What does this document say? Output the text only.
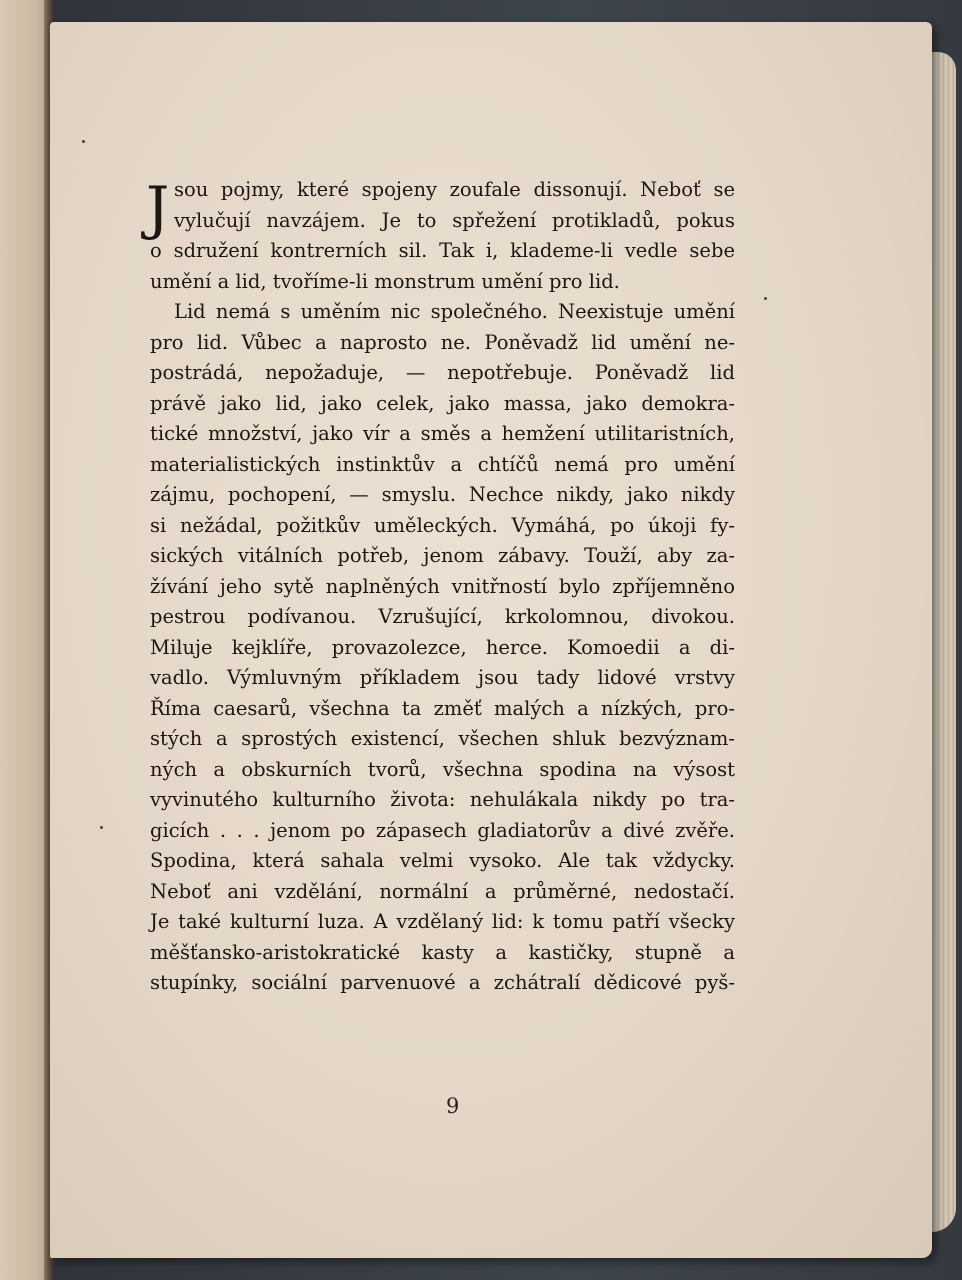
J sou pojmy, které spojeny zoufale dissonují. Neboť se
vylučují navzájem. Je to spřežení protikladů, pokus
o sdružení kontrerních sil. Tak i, klademe-li vedle sebe
umění a lid, tvoříme-li monstrum umění pro lid.
Lid nemá s uměním nic společného. Neexistuje umění
pro lid. Vůbec a naprosto ne. Poněvadž lid umění ne-
postrádá, nepožaduje, — nepotřebuje. Poněvadž lid
právě jako lid, jako celek, jako massa, jako demokra-
tické množství, jako vír a směs a hemžení utilitaristních,
materialistických instinktův a chtíčů nemá pro umění
zájmu, pochopení, — smyslu. Nechce nikdy, jako nikdy
si nežádal, požitkův uměleckých. Vymáhá, po úkoji fy-
sických vitálních potřeb, jenom zábavy. Touží, aby za-
žívání jeho sytě naplněných vnitřností bylo zpříjemněno
pestrou podívanou. Vzrušující, krkolomnou, divokou.
Miluje kejklíře, provazolezce, herce. Komoedii a di-
vadlo. Výmluvným příkladem jsou tady lidové vrstvy
Říma caesarů, všechna ta změť malých a nízkých, pro-
stých a sprostých existencí, všechen shluk bezvýznam-
ných a obskurních tvorů, všechna spodina na výsost
vyvinutého kulturního života: nehulákala nikdy po tra-
gicích . . . jenom po zápasech gladiatorův a divé zvěře.
Spodina, která sahala velmi vysoko. Ale tak vždycky.
Neboť ani vzdělání, normální a průměrné, nedostačí.
Je také kulturní luza. A vzdělaný lid: k tomu patří všecky
měšťansko-aristokratické kasty a kastičky, stupně a
stupínky, sociální parvenuové a zchátralí dědicové pyš-
9
